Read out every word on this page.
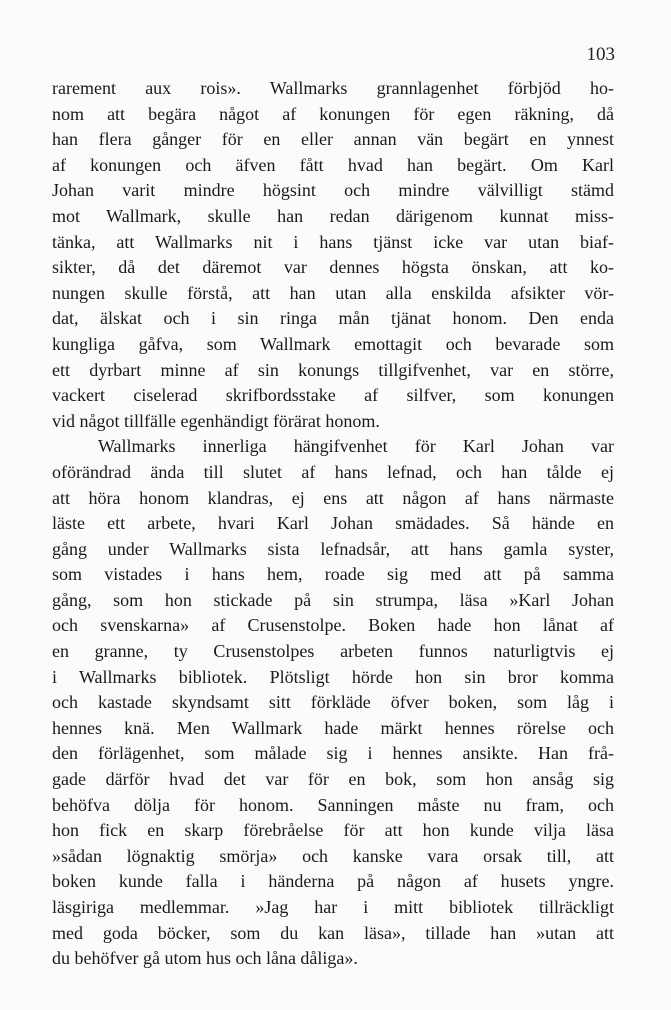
103
rarement aux rois». Wallmarks grannlagenhet förbjöd ho-
nom att begära något af konungen för egen räkning, då
han flera gånger för en eller annan vän begärt en ynnest
af konungen och äfven fått hvad han begärt. Om Karl
Johan varit mindre högsint och mindre välvilligt stämd
mot Wallmark, skulle han redan därigenom kunnat miss-
tänka, att Wallmarks nit i hans tjänst icke var utan biaf-
sikter, då det däremot var dennes högsta önskan, att ko-
nungen skulle förstå, att han utan alla enskilda afsikter vör-
dat, älskat och i sin ringa mån tjänat honom. Den enda
kungliga gåfva, som Wallmark emottagit och bevarade som
ett dyrbart minne af sin konungs tillgifvenhet, var en större,
vackert ciselerad skrifbordsstake af silfver, som konungen
vid något tillfälle egenhändigt förärat honom.
Wallmarks innerliga hängifvenhet för Karl Johan var
oförändrad ända till slutet af hans lefnad, och han tålde ej
att höra honom klandras, ej ens att någon af hans närmaste
läste ett arbete, hvari Karl Johan smädades. Så hände en
gång under Wallmarks sista lefnadsår, att hans gamla syster,
som vistades i hans hem, roade sig med att på samma
gång, som hon stickade på sin strumpa, läsa »Karl Johan
och svenskarna» af Crusenstolpe. Boken hade hon lånat af
en granne, ty Crusenstolpes arbeten funnos naturligtvis ej
i Wallmarks bibliotek. Plötsligt hörde hon sin bror komma
och kastade skyndsamt sitt förkläde öfver boken, som låg i
hennes knä. Men Wallmark hade märkt hennes rörelse och
den förlägenhet, som målade sig i hennes ansikte. Han frå-
gade därför hvad det var för en bok, som hon ansåg sig
behöfva dölja för honom. Sanningen måste nu fram, och
hon fick en skarp förebråelse för att hon kunde vilja läsa
»sådan lögnaktig smörja» och kanske vara orsak till, att
boken kunde falla i händerna på någon af husets yngre.
läsgiriga medlemmar. »Jag har i mitt bibliotek tillräckligt
med goda böcker, som du kan läsa», tillade han »utan att
du behöfver gå utom hus och låna dåliga».
